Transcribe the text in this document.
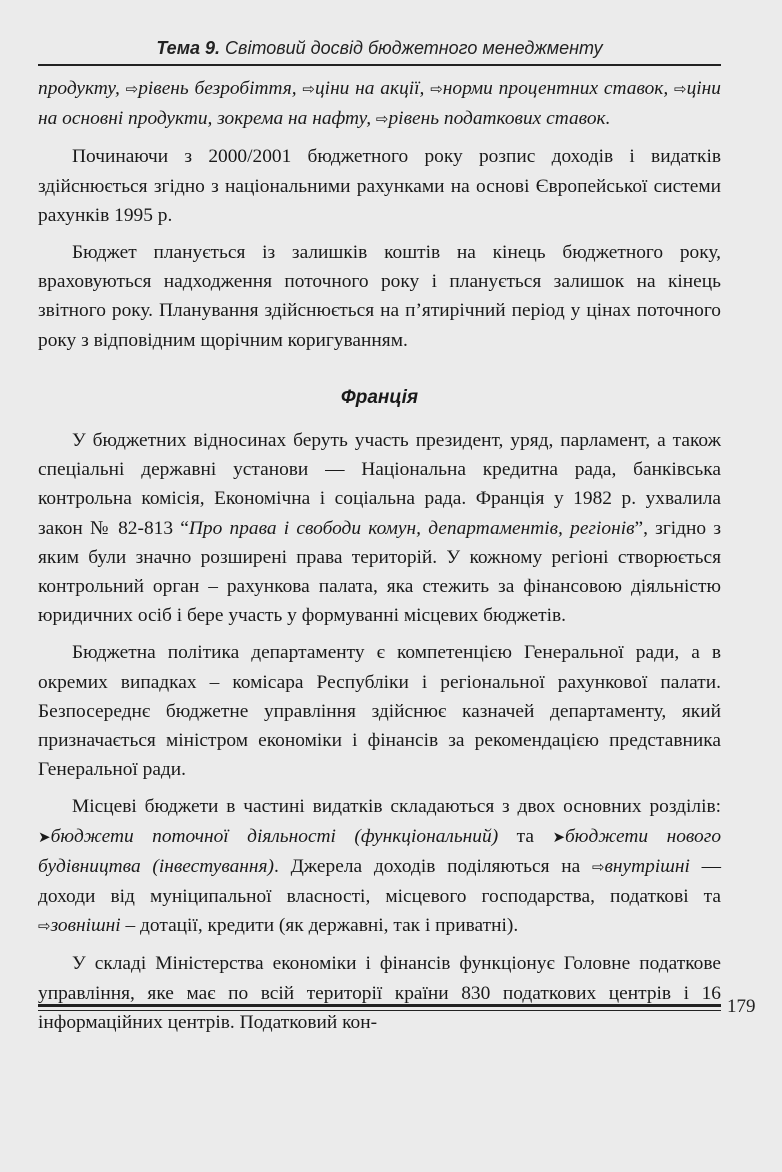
Тема 9. Світовий досвід бюджетного менеджменту

продукту, ⇨рівень безробіття, ⇨ціни на акції, ⇨норми процентних ставок, ⇨ціни на основні продукти, зокрема на нафту, ⇨рівень податкових ставок.

Починаючи з 2000/2001 бюджетного року розпис доходів і видатків здійснюється згідно з національними рахунками на основі Європейської системи рахунків 1995 р.

Бюджет планується із залишків коштів на кінець бюджетного року, враховуються надходження поточного року і планується залишок на кінець звітного року. Планування здійснюється на п’ятирічний період у цінах поточного року з відповідним щорічним коригуванням.

Франція

У бюджетних відносинах беруть участь президент, уряд, парламент, а також спеціальні державні установи — Національна кредитна рада, банківська контрольна комісія, Економічна і соціальна рада. Франція у 1982 р. ухвалила закон № 82-813 “Про права і свободи комун, департаментів, регіонів”, згідно з яким були значно розширені права територій. У кожному регіоні створюється контрольний орган – рахункова палата, яка стежить за фінансовою діяльністю юридичних осіб і бере участь у формуванні місцевих бюджетів.

Бюджетна політика департаменту є компетенцією Генеральної ради, а в окремих випадках – комісара Республіки і регіональної рахункової палати. Безпосереднє бюджетне управління здійснює казначей департаменту, який призначається міністром економіки і фінансів за рекомендацією представника Генеральної ради.

Місцеві бюджети в частині видатків складаються з двох основних розділів: ➤бюджети поточної діяльності (функціональний) та ➤бюджети нового будівництва (інвестування). Джерела доходів поділяються на ⇨внутрішні — доходи від муніципальної власності, місцевого господарства, податкові та ⇨зовнішні – дотації, кредити (як державні, так і приватні).

У складі Міністерства економіки і фінансів функціонує Головне податкове управління, яке має по всій території країни 830 податкових центрів і 16 інформаційних центрів. Податковий кон-

179
